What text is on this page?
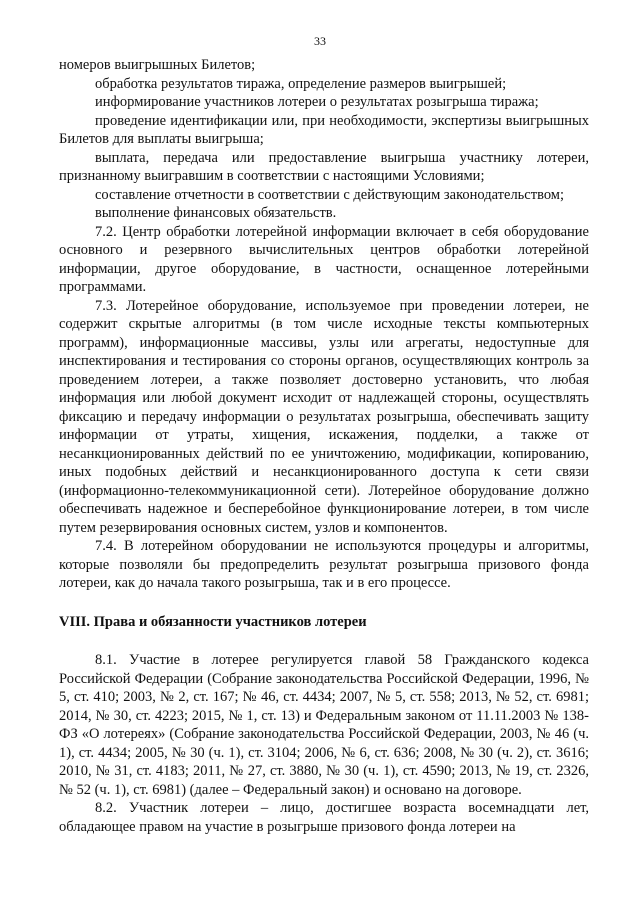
33

номеров выигрышных Билетов;

обработка результатов тиража, определение размеров выигрышей;

информирование участников лотереи о результатах розыгрыша тиража;

проведение идентификации или, при необходимости, экспертизы выигрышных Билетов для выплаты выигрыша;

выплата, передача или предоставление выигрыша участнику лотереи, признанному выигравшим в соответствии с настоящими Условиями;

составление отчетности в соответствии с действующим законодательством;

выполнение финансовых обязательств.

7.2. Центр обработки лотерейной информации включает в себя оборудование основного и резервного вычислительных центров обработки лотерейной информации, другое оборудование, в частности, оснащенное лотерейными программами.

7.3. Лотерейное оборудование, используемое при проведении лотереи, не содержит скрытые алгоритмы (в том числе исходные тексты компьютерных программ), информационные массивы, узлы или агрегаты, недоступные для инспектирования и тестирования со стороны органов, осуществляющих контроль за проведением лотереи, а также позволяет достоверно установить, что любая информация или любой документ исходит от надлежащей стороны, осуществлять фиксацию и передачу информации о результатах розыгрыша, обеспечивать защиту информации от утраты, хищения, искажения, подделки, а также от несанкционированных действий по ее уничтожению, модификации, копированию, иных подобных действий и несанкционированного доступа к сети связи (информационно-телекоммуникационной сети). Лотерейное оборудование должно обеспечивать надежное и бесперебойное функционирование лотереи, в том числе путем резервирования основных систем, узлов и компонентов.

7.4. В лотерейном оборудовании не используются процедуры и алгоритмы, которые позволяли бы предопределить результат розыгрыша призового фонда лотереи, как до начала такого розыгрыша, так и в его процессе.

VIII. Права и обязанности участников лотереи

8.1. Участие в лотерее регулируется главой 58 Гражданского кодекса Российской Федерации (Собрание законодательства Российской Федерации, 1996, № 5, ст. 410; 2003, № 2, ст. 167; № 46, ст. 4434; 2007, № 5, ст. 558; 2013, № 52, ст. 6981; 2014, № 30, ст. 4223; 2015, № 1, ст. 13) и Федеральным законом от 11.11.2003 № 138-ФЗ «О лотереях» (Собрание законодательства Российской Федерации, 2003, № 46 (ч. 1), ст. 4434; 2005, № 30 (ч. 1), ст. 3104; 2006, № 6, ст. 636; 2008, № 30 (ч. 2), ст. 3616; 2010, № 31, ст. 4183; 2011, № 27, ст. 3880, № 30 (ч. 1), ст. 4590; 2013, № 19, ст. 2326, № 52 (ч. 1), ст. 6981) (далее – Федеральный закон) и основано на договоре.

8.2. Участник лотереи – лицо, достигшее возраста восемнадцати лет, обладающее правом на участие в розыгрыше призового фонда лотереи на
